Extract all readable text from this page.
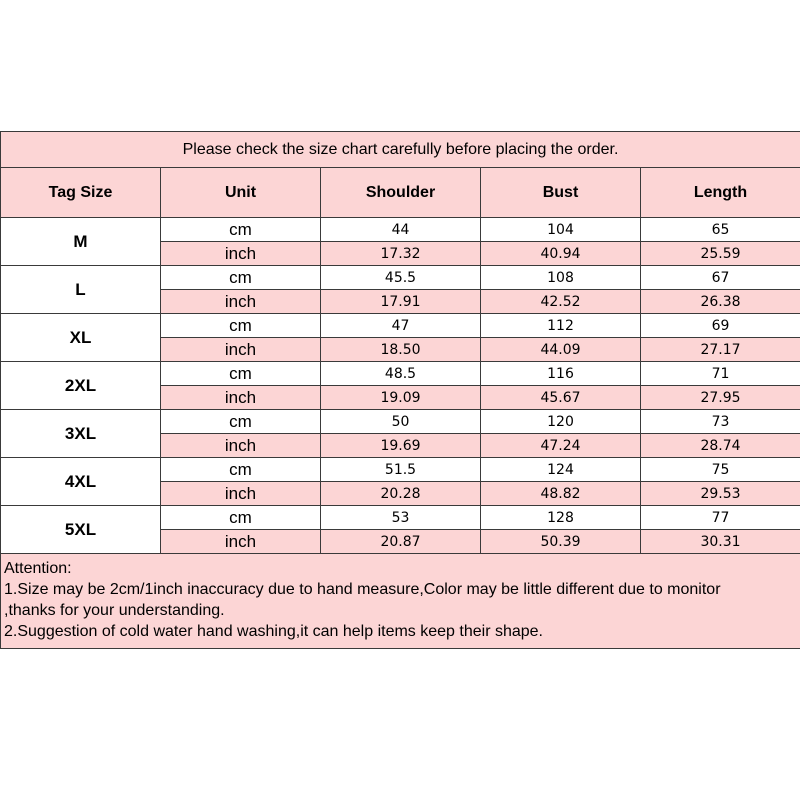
Please check the size chart carefully before placing the order.				
Tag Size	Unit	Shoulder	Bust	Length
M	cm	44	104	65
	inch	17.32	40.94	25.59
L	cm	45.5	108	67
	inch	17.91	42.52	26.38
XL	cm	47	112	69
	inch	18.50	44.09	27.17
2XL	cm	48.5	116	71
	inch	19.09	45.67	27.95
3XL	cm	50	120	73
	inch	19.69	47.24	28.74
4XL	cm	51.5	124	75
	inch	20.28	48.82	29.53
5XL	cm	53	128	77
	inch	20.87	50.39	30.31

Attention:
1.Size may be 2cm/1inch inaccuracy due to hand measure,Color may be little different due to monitor
,thanks for your understanding.
2.Suggestion of cold water hand washing,it can help items keep their shape.				
